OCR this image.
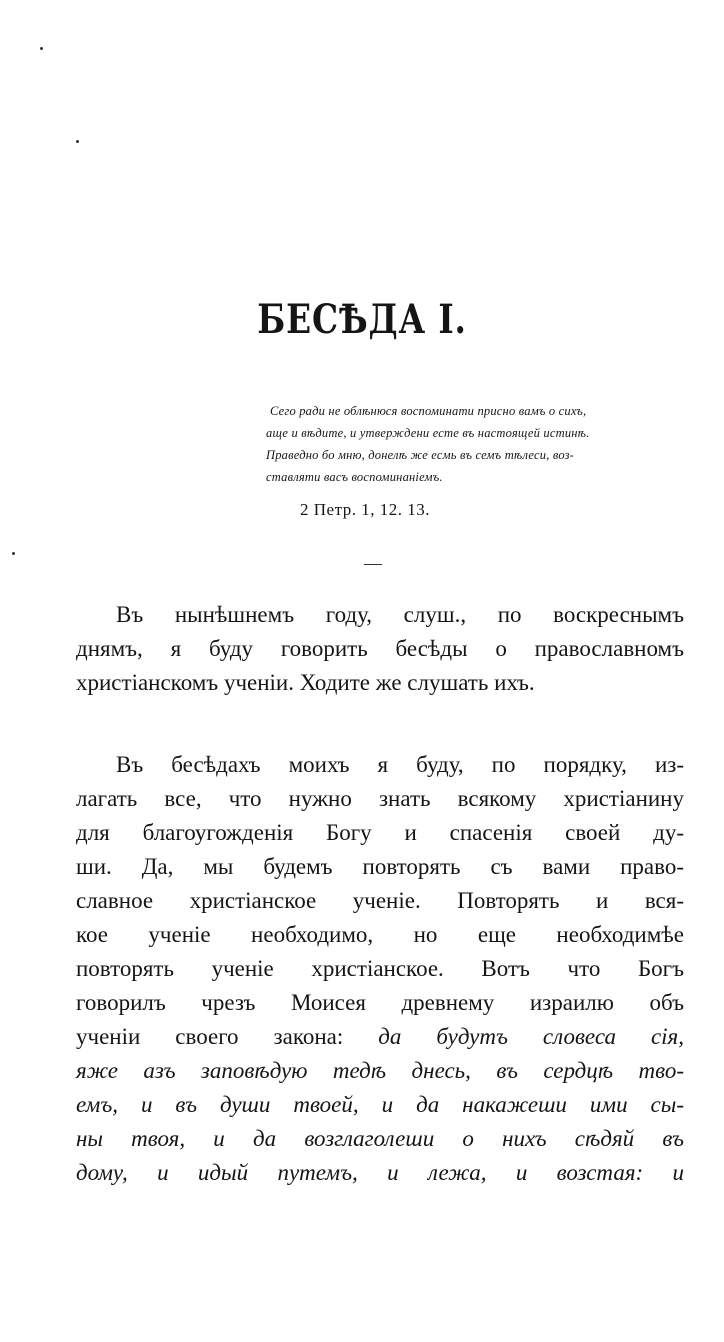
БЕСѢДА I.
Сего ради не облѣнюся воспоминати присно вамъ о сихъ,
аще и вѣдите, и утверждени есте въ настоящей истинѣ.
Праведно бо мню, донелѣ же есмь въ семъ тѣлеси, воз-
ставляти васъ воспоминаніемъ.
2 Петр. 1, 12. 13.
—
Въ нынѣшнемъ году, слуш., по воскреснымъ
днямъ, я буду говорить бесѣды о православномъ
христіанскомъ ученіи. Ходите же слушать ихъ.
Въ бесѣдахъ моихъ я буду, по порядку, из-
лагать все, что нужно знать всякому христіанину
для благоугожденія Богу и спасенія своей ду-
ши. Да, мы будемъ повторять съ вами право-
славное христіанское ученіе. Повторять и вся-
кое ученіе необходимо, но еще необходимѣе
повторять ученіе христіанское. Вотъ что Богъ
говорилъ чрезъ Моисея древнему израилю объ
ученіи своего закона: да будутъ словеса сія,
яже азъ заповѣдую тедѣ днесь, въ сердцѣ тво-
емъ, и въ души твоей, и да накажеши ими сы-
ны твоя, и да возглаголеши о нихъ сѣдяй въ
дому, и идый путемъ, и лежа, и возстая: и
